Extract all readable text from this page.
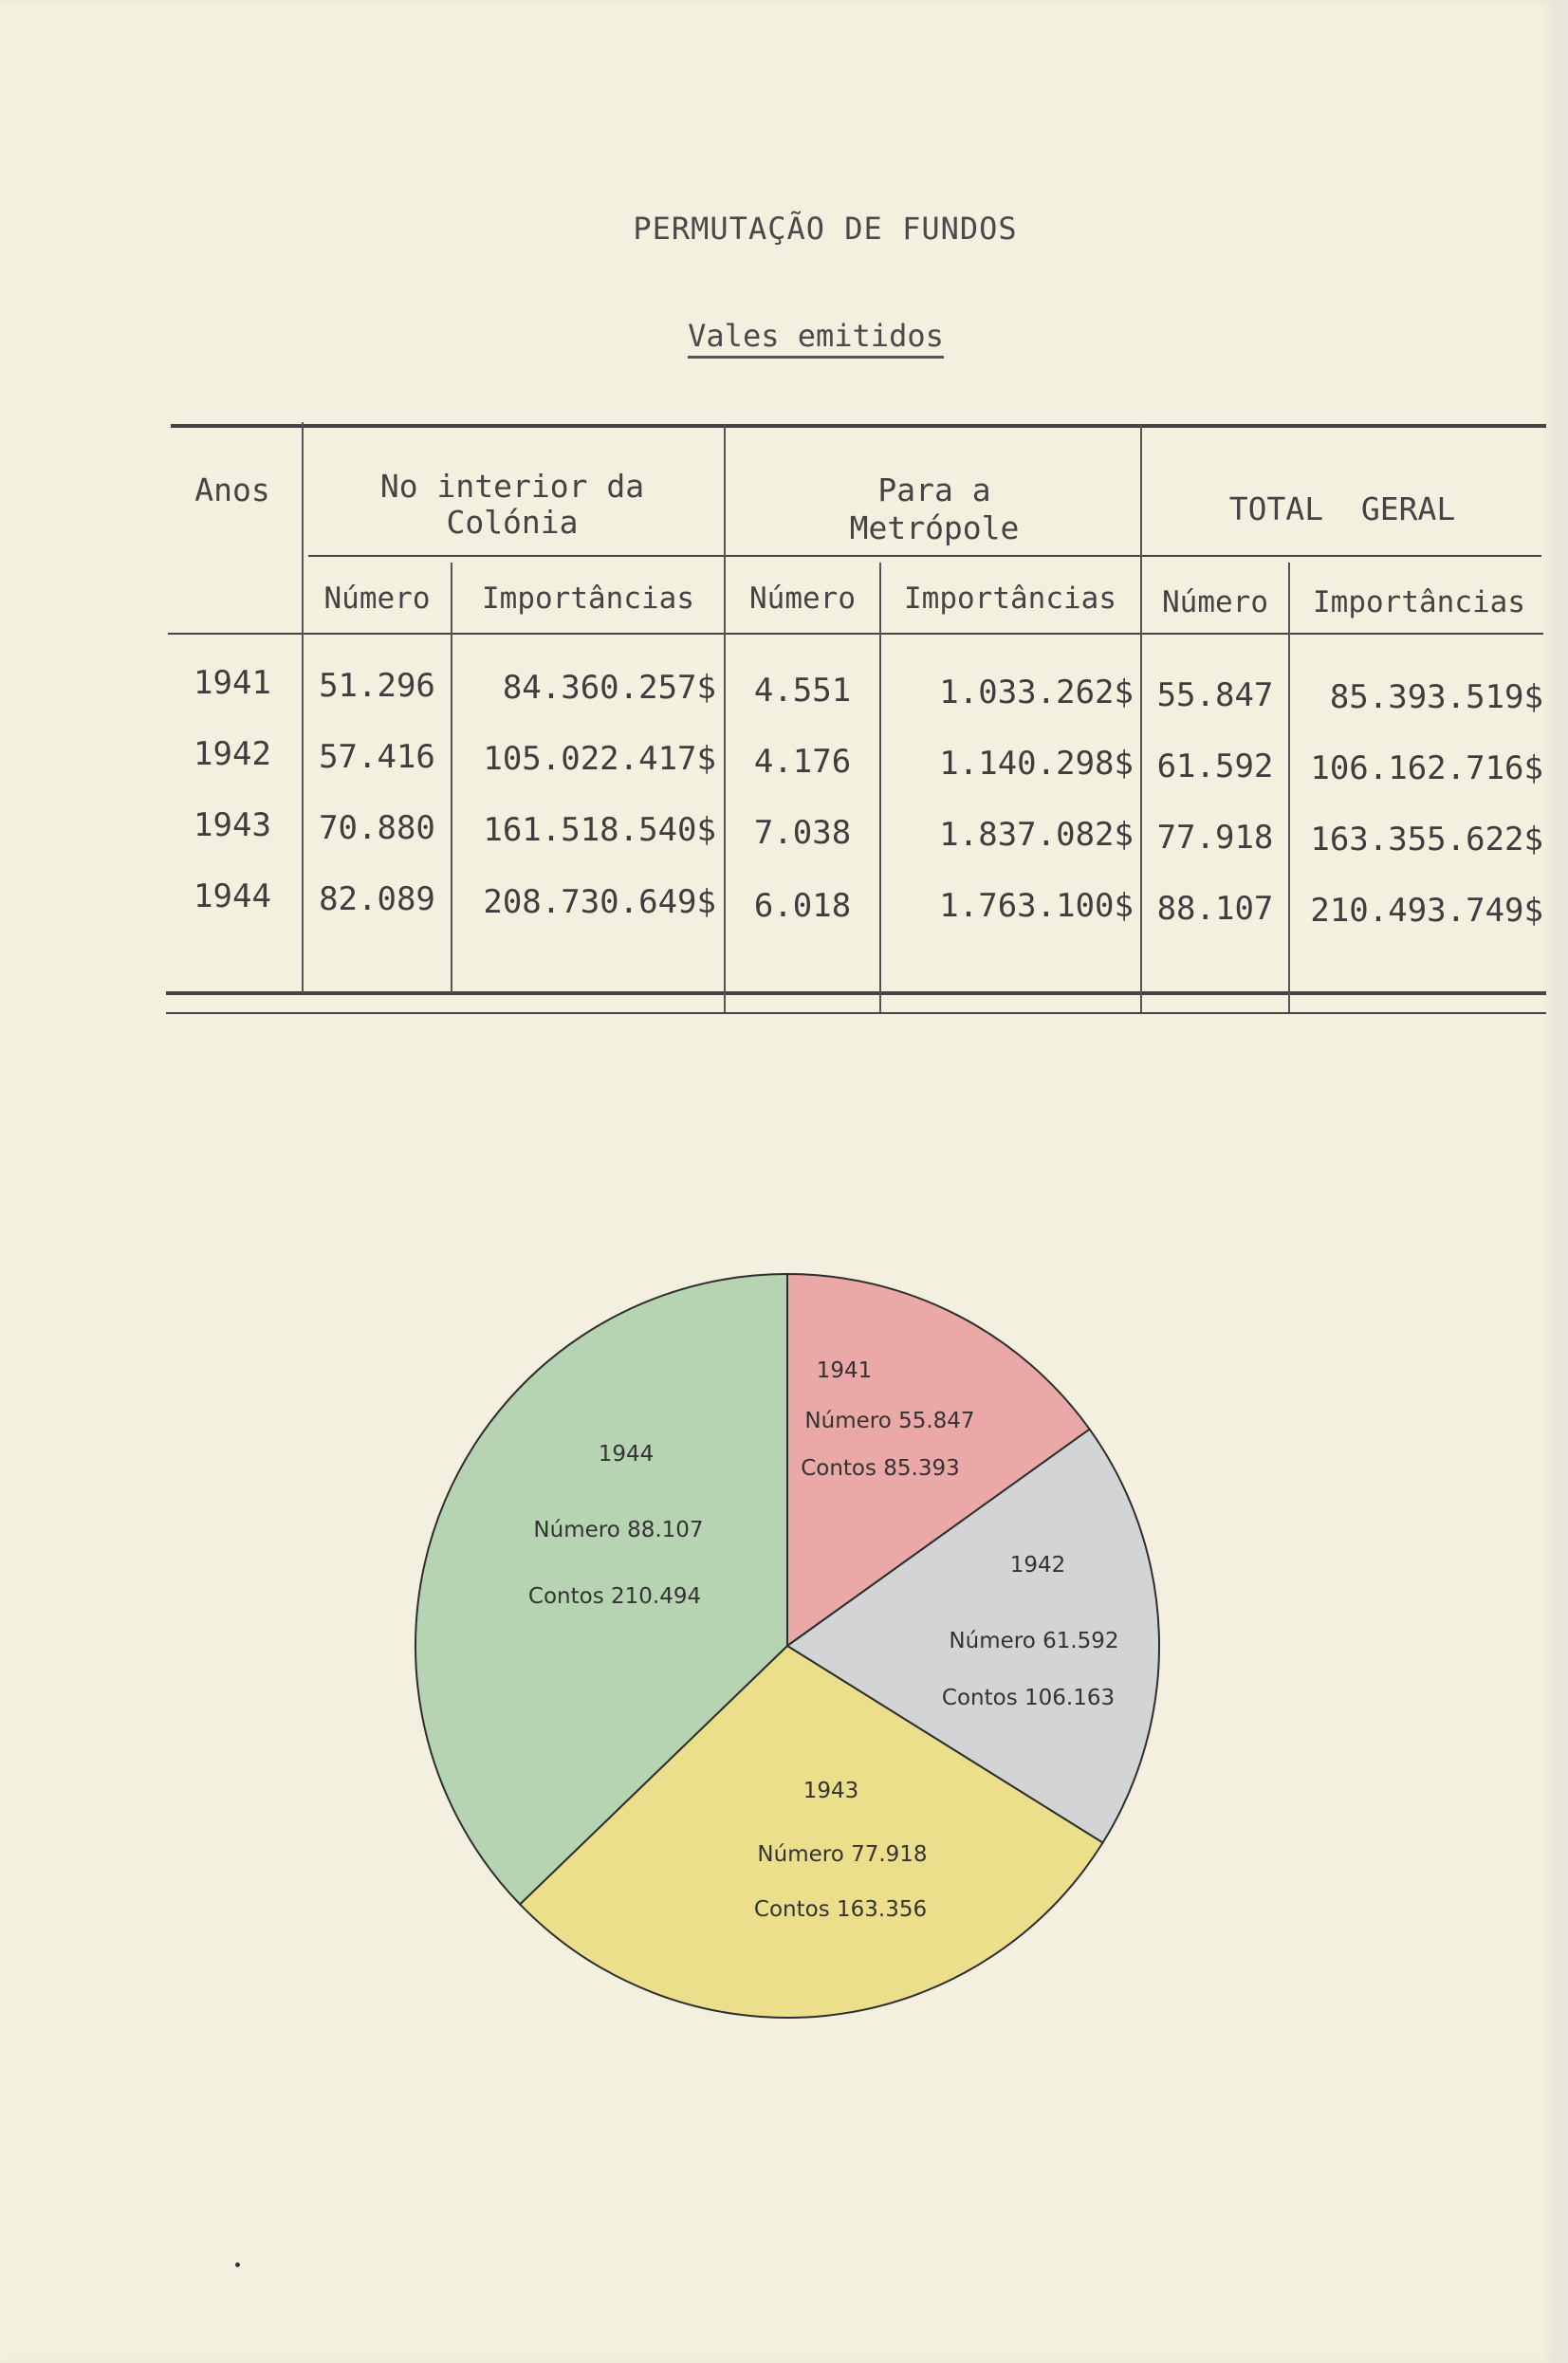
PERMUTAÇÃO DE FUNDOS
Vales emitidos
Anos	No interior da
Colónia
Para a
Metrópole
TOTAL  GERAL
Número	Importâncias	Número	Importâncias	Número	Importâncias
1941	51.296	84.360.257$	4.551	1.033.262$ 55.847	85.393.519$
1942	57.416	105.022.417$	4.176	1.140.298$ 61.592	106.162.716$
1943	70.880	161.518.540$	7.038	1.837.082$ 77.918	163.355.622$
1944	82.089	208.730.649$	6.018	1.763.100$ 88.107	210.493.749$
1941
Número 55.847
Contos 85.393
1942
Número 61.592
Contos 106.163
1943
Número 77.918
Contos 163.356
1944
Número 88.107
Contos 210.494
